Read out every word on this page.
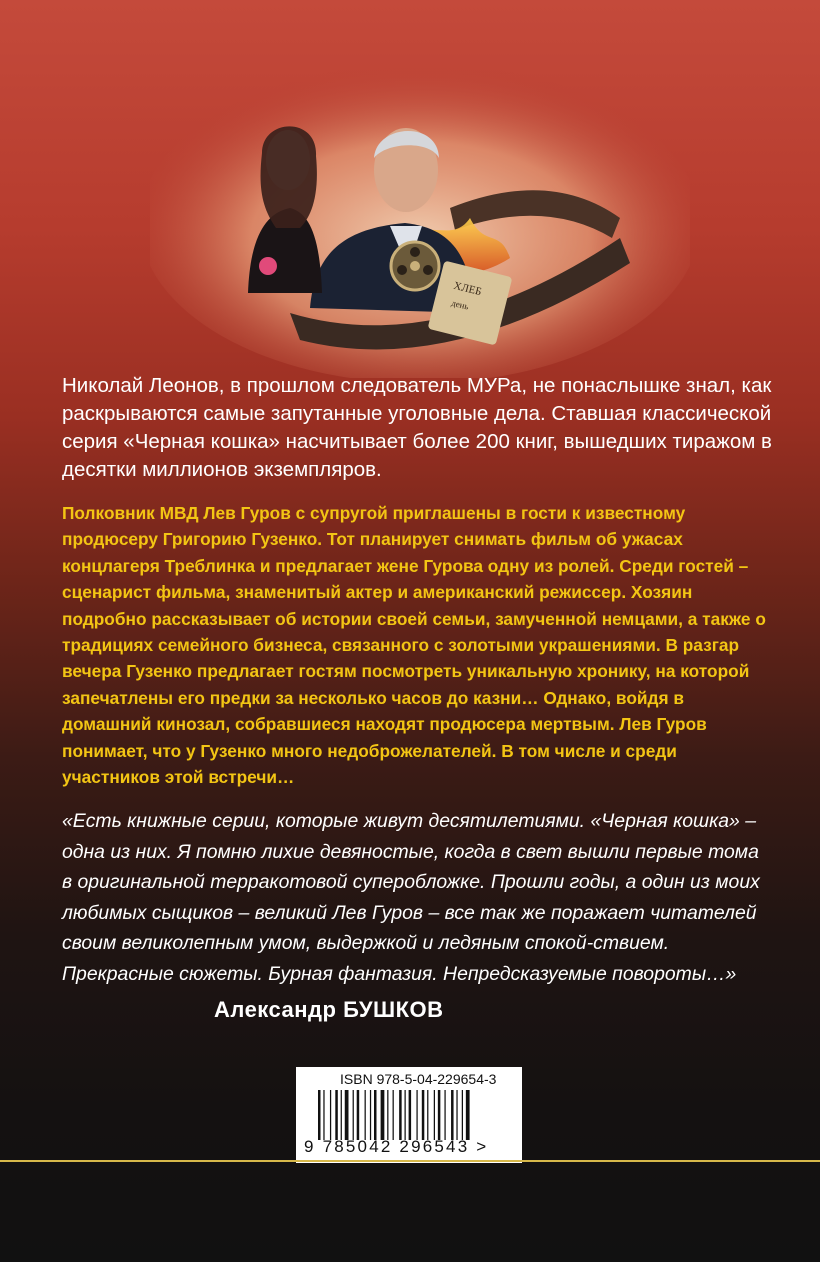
ХЛЕБ
день

Николай Леонов, в прошлом следователь МУРа, не понаслышке знал, как раскрываются самые запутанные уголовные дела. Ставшая классической серия «Черная кошка» насчитывает более 200 книг, вышедших тиражом в десятки миллионов экземпляров.

Полковник МВД Лев Гуров с супругой приглашены в гости к известному продюсеру Григорию Гузенко. Тот планирует снимать фильм об ужасах концлагеря Треблинка и предлагает жене Гурова одну из ролей. Среди гостей – сценарист фильма, знаменитый актер и американский режиссер. Хозяин подробно рассказывает об истории своей семьи, замученной немцами, а также о традициях семейного бизнеса, связанного с золотыми украшениями. В разгар вечера Гузенко предлагает гостям посмотреть уникальную хронику, на которой запечатлены его предки за несколько часов до казни… Однако, войдя в домашний кинозал, собравшиеся находят продюсера мертвым. Лев Гуров понимает, что у Гузенко много недоброжелателей. В том числе и среди участников этой встречи…

«Есть книжные серии, которые живут десятилетиями. «Черная кошка» – одна из них. Я помню лихие девяностые, когда в свет вышли первые тома в оригинальной терракотовой суперобложке. Прошли годы, а один из моих любимых сыщиков – великий Лев Гуров – все так же поражает читателей своим великолепным умом, выдержкой и ледяным спокой-ствием. Прекрасные сюжеты. Бурная фантазия. Непредсказуемые повороты…»

Александр БУШКОВ
ISBN 978-5-04-229654-3
9 785042 296543 >
